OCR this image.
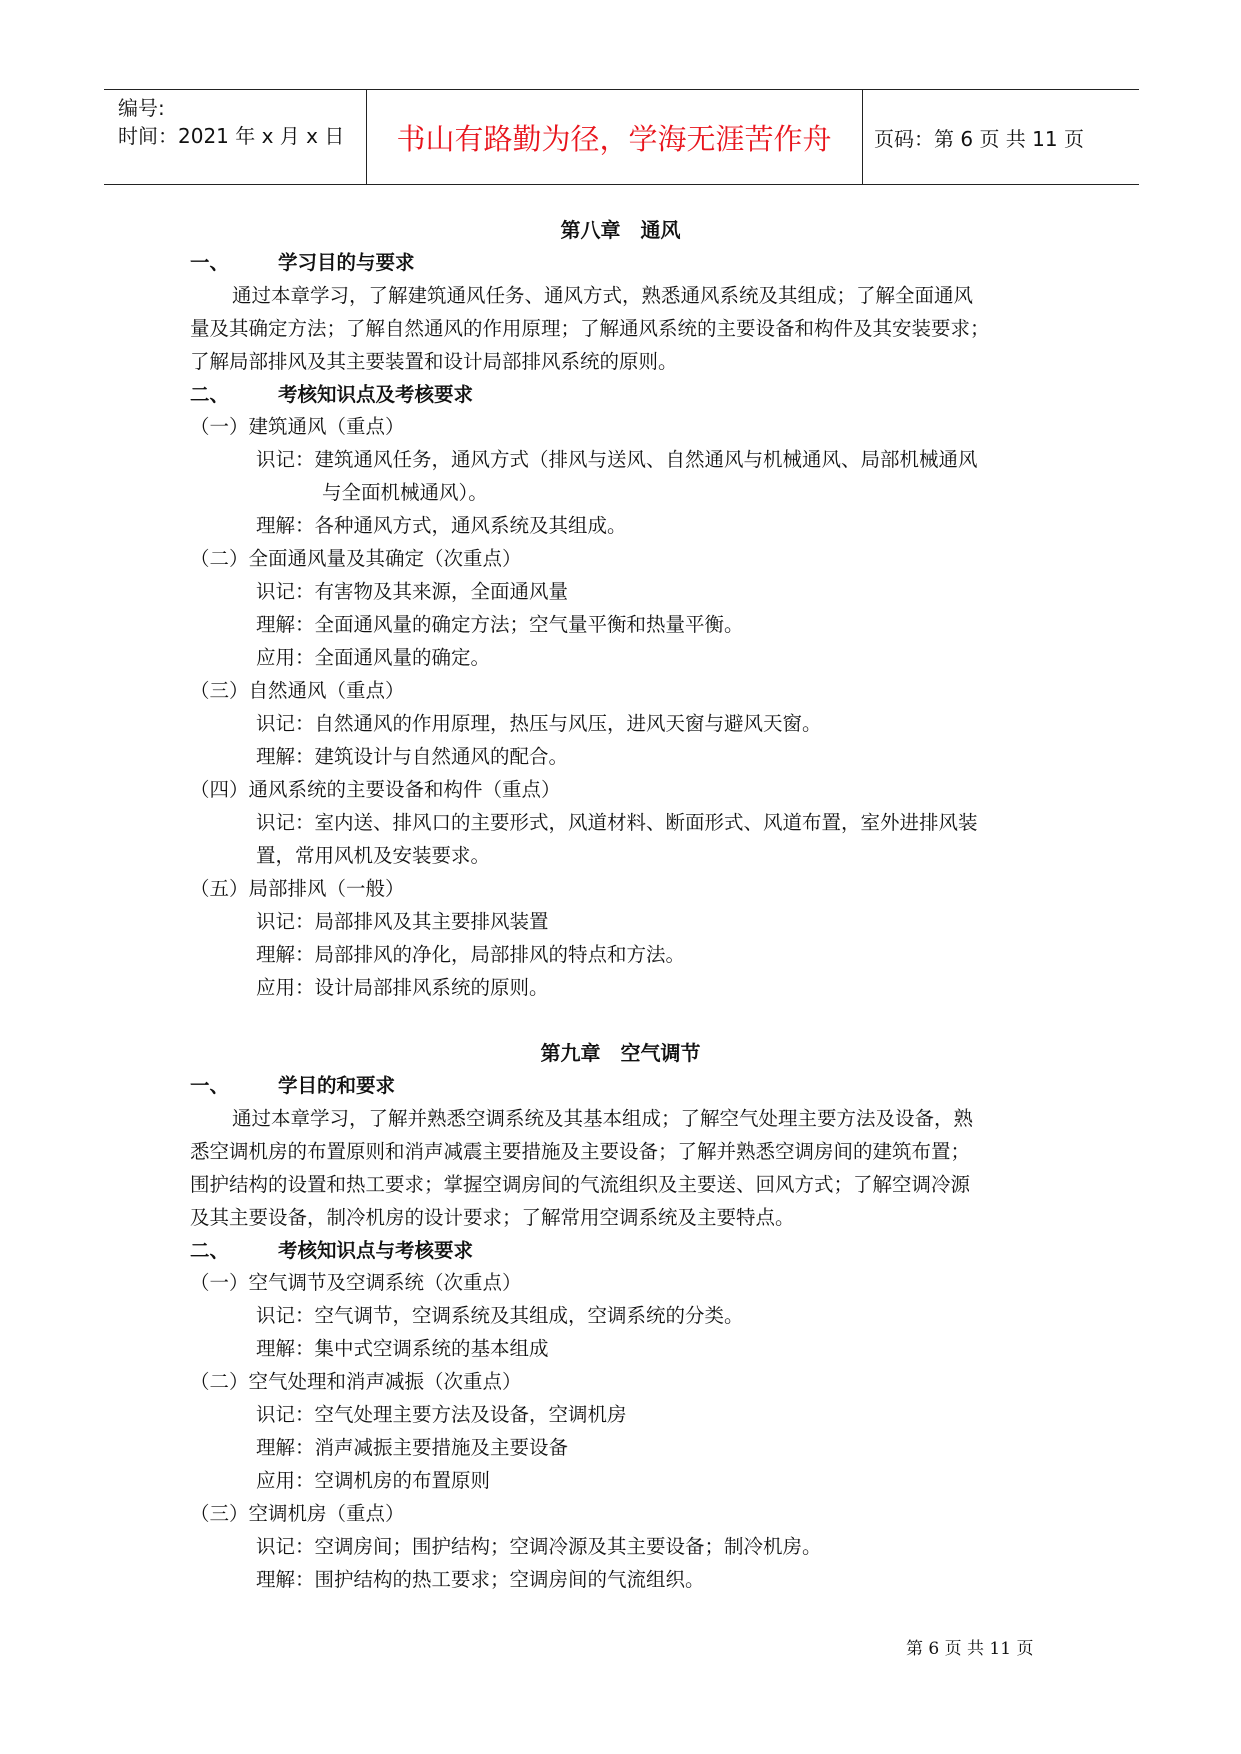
编号:
时间：2021 年 x 月 x 日	书山有路勤为径，学海无涯苦作舟	页码：第 6 页 共 11 页
第八章　通风
一、	学习目的与要求
通过本章学习，了解建筑通风任务、通风方式，熟悉通风系统及其组成；了解全面通风
量及其确定方法；了解自然通风的作用原理；了解通风系统的主要设备和构件及其安装要求；
了解局部排风及其主要装置和设计局部排风系统的原则。
二、	考核知识点及考核要求
（一）建筑通风（重点）
识记：建筑通风任务，通风方式（排风与送风、自然通风与机械通风、局部机械通风
与全面机械通风）。
理解：各种通风方式，通风系统及其组成。
（二）全面通风量及其确定（次重点）
识记：有害物及其来源，全面通风量
理解：全面通风量的确定方法；空气量平衡和热量平衡。
应用：全面通风量的确定。
（三）自然通风（重点）
识记：自然通风的作用原理，热压与风压，进风天窗与避风天窗。
理解：建筑设计与自然通风的配合。
（四）通风系统的主要设备和构件（重点）
识记：室内送、排风口的主要形式，风道材料、断面形式、风道布置，室外进排风装
置，常用风机及安装要求。
（五）局部排风（一般）
识记：局部排风及其主要排风装置
理解：局部排风的净化，局部排风的特点和方法。
应用：设计局部排风系统的原则。
第九章　空气调节
一、	学目的和要求
通过本章学习，了解并熟悉空调系统及其基本组成；了解空气处理主要方法及设备，熟
悉空调机房的布置原则和消声减震主要措施及主要设备；了解并熟悉空调房间的建筑布置；
围护结构的设置和热工要求；掌握空调房间的气流组织及主要送、回风方式；了解空调冷源
及其主要设备，制冷机房的设计要求；了解常用空调系统及主要特点。
二、	考核知识点与考核要求
（一）空气调节及空调系统（次重点）
识记：空气调节，空调系统及其组成，空调系统的分类。
理解：集中式空调系统的基本组成
（二）空气处理和消声减振（次重点）
识记：空气处理主要方法及设备，空调机房
理解：消声减振主要措施及主要设备
应用：空调机房的布置原则
（三）空调机房（重点）
识记：空调房间；围护结构；空调冷源及其主要设备；制冷机房。
理解：围护结构的热工要求；空调房间的气流组织。
第 6 页 共 11 页
